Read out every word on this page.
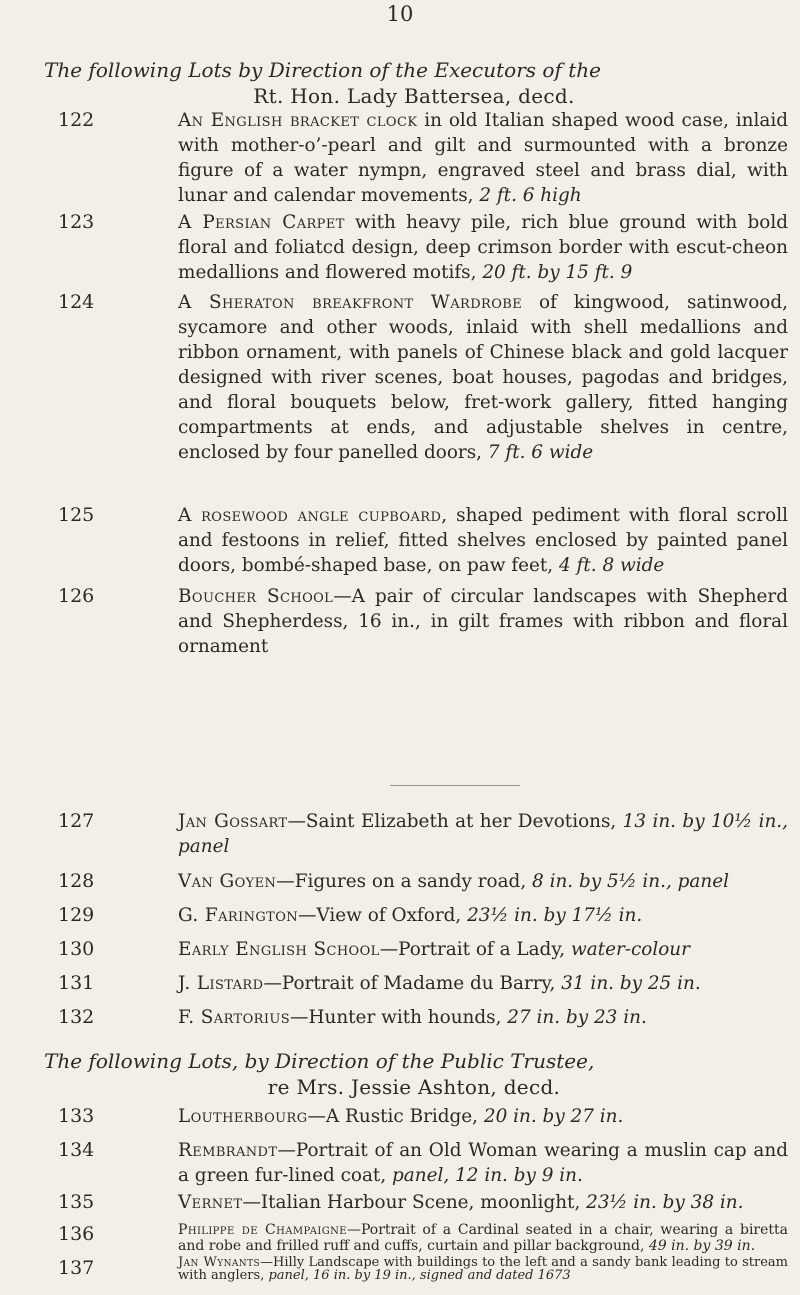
10
The following Lots by Direction of the Executors of the
Rt. Hon. Lady Battersea, decd.
122	An English bracket clock in old Italian shaped wood case, inlaid with mother-o’-pearl and gilt and surmounted with a bronze figure of a water nympn, engraved steel and brass dial, with lunar and calendar movements, 2 ft. 6 high
123	A Persian Carpet with heavy pile, rich blue ground with bold floral and foliatcd design, deep crimson border with escut-cheon medallions and flowered motifs, 20 ft. by 15 ft. 9
124	A Sheraton breakfront Wardrobe of kingwood, satinwood, sycamore and other woods, inlaid with shell medallions and ribbon ornament, with panels of Chinese black and gold lacquer designed with river scenes, boat houses, pagodas and bridges, and floral bouquets below, fret-work gallery, fitted hanging compartments at ends, and adjustable shelves in centre, enclosed by four panelled doors, 7 ft. 6 wide
125	A rosewood angle cupboard, shaped pediment with floral scroll and festoons in relief, fitted shelves enclosed by painted panel doors, bombé-shaped base, on paw feet, 4 ft. 8 wide
126	Boucher School—A pair of circular landscapes with Shepherd and Shepherdess, 16 in., in gilt frames with ribbon and floral ornament
127	Jan Gossart—Saint Elizabeth at her Devotions, 13 in. by 10½ in., panel
128	Van Goyen—Figures on a sandy road, 8 in. by 5½ in., panel
129	G. Farington—View of Oxford, 23½ in. by 17½ in.
130	Early English School—Portrait of a Lady, water-colour
131	J. Listard—Portrait of Madame du Barry, 31 in. by 25 in.
132	F. Sartorius—Hunter with hounds, 27 in. by 23 in.
The following Lots, by Direction of the Public Trustee,
re Mrs. Jessie Ashton, decd.
133	Loutherbourg—A Rustic Bridge, 20 in. by 27 in.
134	Rembrandt—Portrait of an Old Woman wearing a muslin cap and a green fur-lined coat, panel, 12 in. by 9 in.
135	Vernet—Italian Harbour Scene, moonlight, 23½ in. by 38 in.
136	Philippe de Champaigne—Portrait of a Cardinal seated in a chair, wearing a biretta and robe and frilled ruff and cuffs, curtain and pillar background, 49 in. by 39 in.
137	Jan Wynants—Hilly Landscape with buildings to the left and a sandy bank leading to stream with anglers, panel, 16 in. by 19 in., signed and dated 1673
